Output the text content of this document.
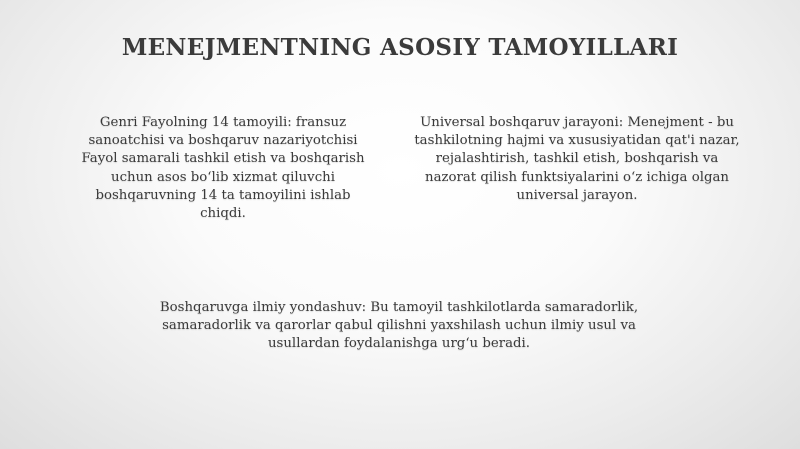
MENEJMENTNING ASOSIY TAMOYILLARI
Genri Fayolning 14 tamoyili: fransuz
sanoatchisi va boshqaruv nazariyotchisi
Fayol samarali tashkil etish va boshqarish
uchun asos boʻlib xizmat qiluvchi
boshqaruvning 14 ta tamoyilini ishlab
chiqdi.
Universal boshqaruv jarayoni: Menejment - bu
tashkilotning hajmi va xususiyatidan qat'i nazar,
rejalashtirish, tashkil etish, boshqarish va
nazorat qilish funktsiyalarini oʻz ichiga olgan
universal jarayon.
Boshqaruvga ilmiy yondashuv: Bu tamoyil tashkilotlarda samaradorlik,
samaradorlik va qarorlar qabul qilishni yaxshilash uchun ilmiy usul va
usullardan foydalanishga urgʻu beradi.
